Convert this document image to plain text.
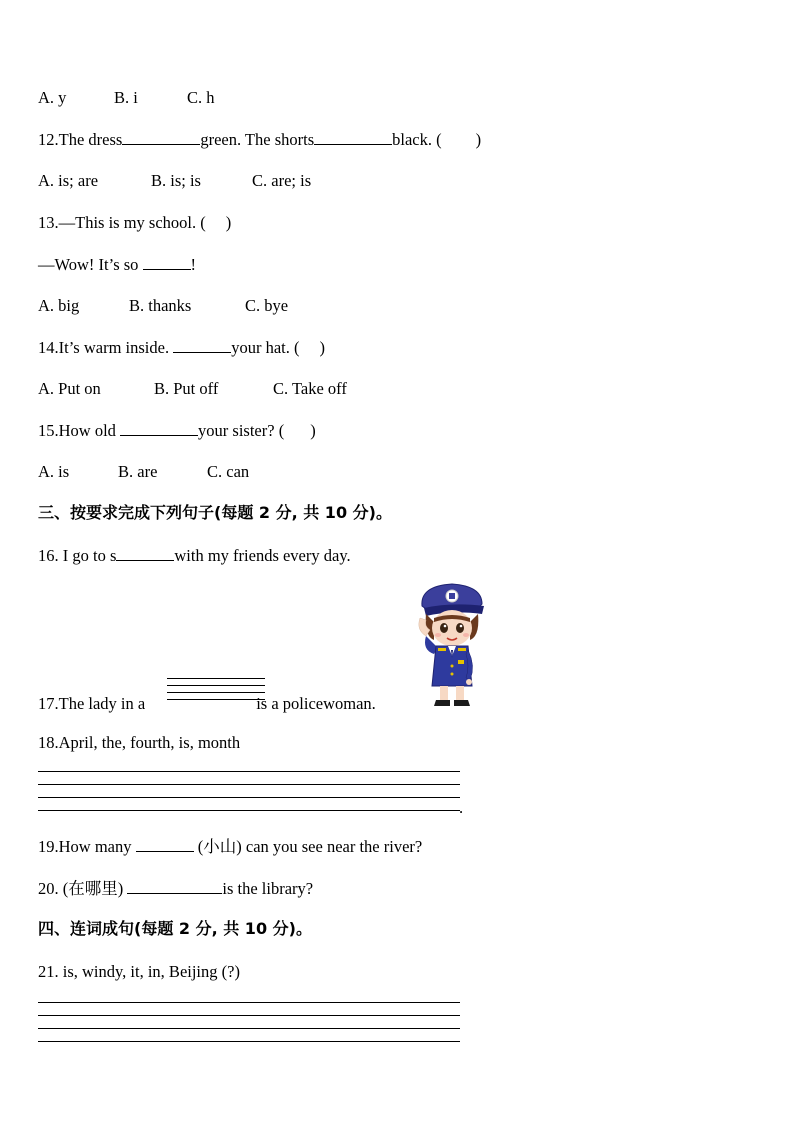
A. y	B. i	C. h
12.The dress	green. The shorts	black. ( )
A. is; are	B. is; is	C. are; is
13.—This is my school. ( )
—Wow! It’s so	!
A. big	B. thanks	C. bye
14.It’s warm inside.	your hat. ( )
A. Put on	B. Put off	C. Take off
15.How old	your sister? ( )
A. is	B. are	C. can
三、按要求完成下列句子(每题 2 分, 共 10 分)。
16. I go to s	with my friends every day.
17.The lady in a	is a policewoman.
18.April, the, fourth, is, month
.
19.How many	(小山) can you see near the river?
20. (在哪里)	is the library?
四、连词成句(每题 2 分, 共 10 分)。
21. is, windy, it, in, Beijing (?)
